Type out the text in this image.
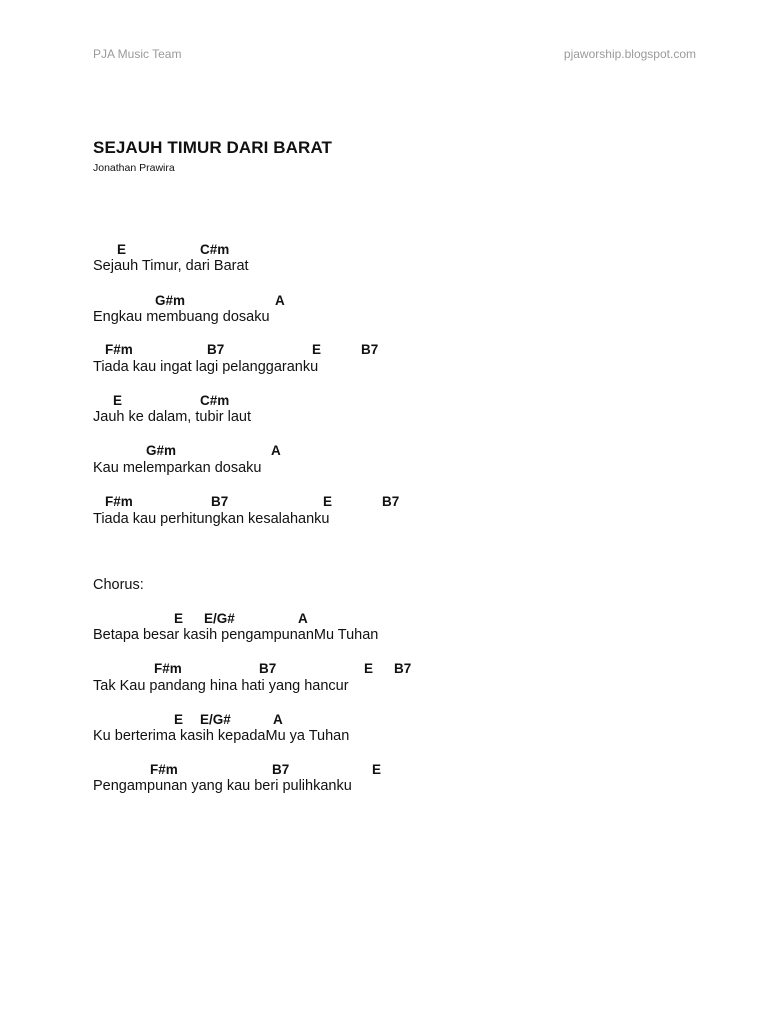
PJA Music Team	pjaworship.blogspot.com
SEJAUH TIMUR DARI BARAT
Jonathan Prawira
E	C#m
Sejauh Timur, dari Barat
G#m	A
Engkau membuang dosaku
F#m	B7	E	B7
Tiada kau ingat lagi pelanggaranku
E	C#m
Jauh ke dalam, tubir laut
G#m	A
Kau melemparkan dosaku
F#m	B7	E	B7
Tiada kau perhitungkan kesalahanku
Chorus:
E E/G#	A
Betapa besar kasih pengampunanMu Tuhan
F#m	B7	E B7
Tak Kau pandang hina hati yang hancur
E E/G#	A
Ku berterima kasih kepadaMu ya Tuhan
F#m	B7	E
Pengampunan yang kau beri pulihkanku
